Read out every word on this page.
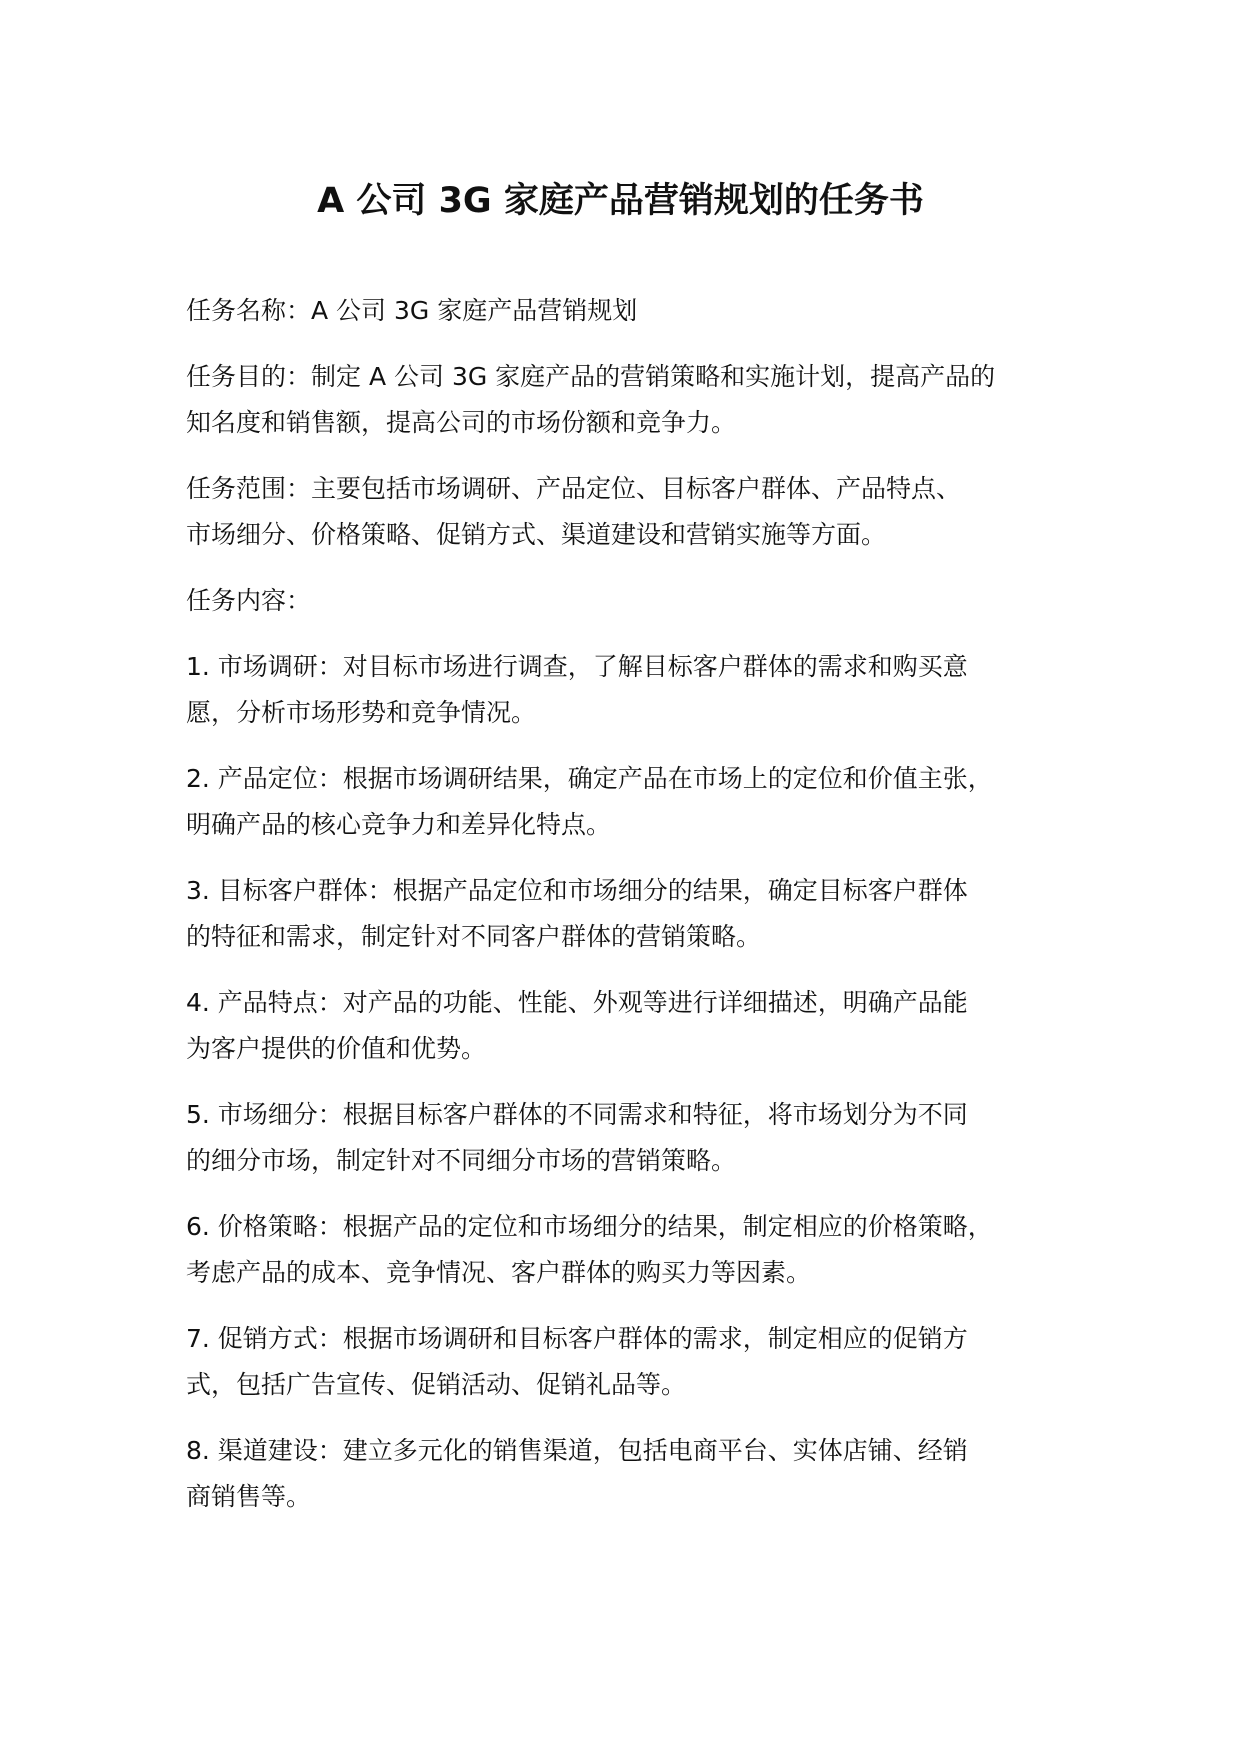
A 公司 3G 家庭产品营销规划的任务书

任务名称：A 公司 3G 家庭产品营销规划

任务目的：制定 A 公司 3G 家庭产品的营销策略和实施计划，提高产品的
知名度和销售额，提高公司的市场份额和竞争力。

任务范围：主要包括市场调研、产品定位、目标客户群体、产品特点、
市场细分、价格策略、促销方式、渠道建设和营销实施等方面。

任务内容：

1. 市场调研：对目标市场进行调查，了解目标客户群体的需求和购买意
愿，分析市场形势和竞争情况。
2. 产品定位：根据市场调研结果，确定产品在市场上的定位和价值主张，
明确产品的核心竞争力和差异化特点。
3. 目标客户群体：根据产品定位和市场细分的结果，确定目标客户群体
的特征和需求，制定针对不同客户群体的营销策略。
4. 产品特点：对产品的功能、性能、外观等进行详细描述，明确产品能
为客户提供的价值和优势。
5. 市场细分：根据目标客户群体的不同需求和特征，将市场划分为不同
的细分市场，制定针对不同细分市场的营销策略。
6. 价格策略：根据产品的定位和市场细分的结果，制定相应的价格策略，
考虑产品的成本、竞争情况、客户群体的购买力等因素。
7. 促销方式：根据市场调研和目标客户群体的需求，制定相应的促销方
式，包括广告宣传、促销活动、促销礼品等。
8. 渠道建设：建立多元化的销售渠道，包括电商平台、实体店铺、经销
商销售等。
